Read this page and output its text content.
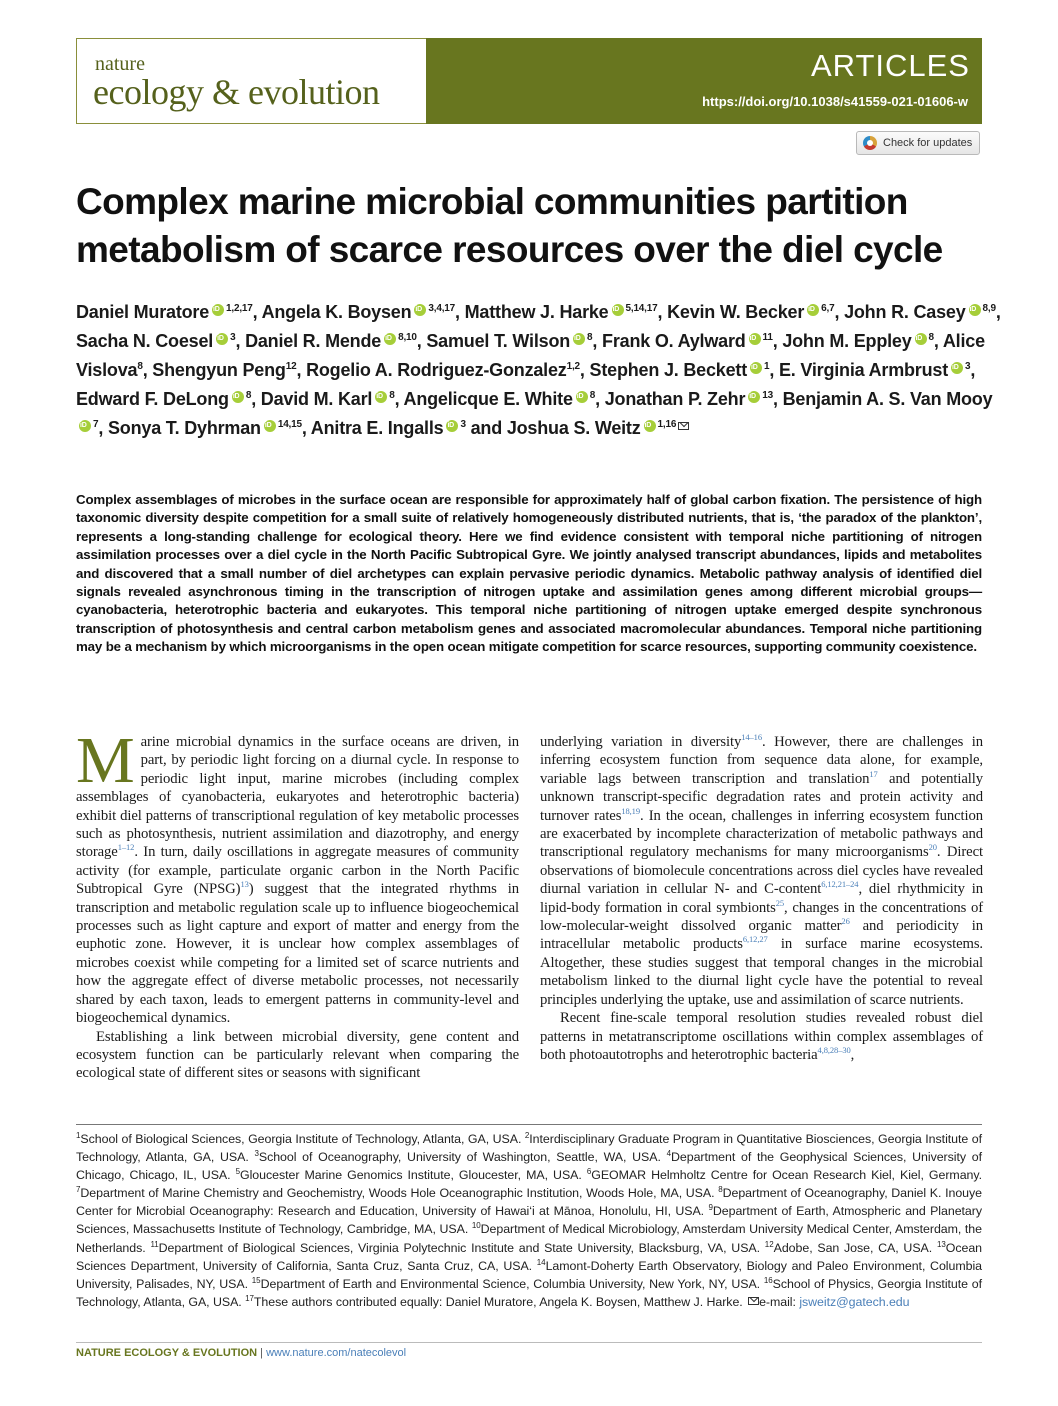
nature
ecology & evolution
ARTICLES
https://doi.org/10.1038/s41559-021-01606-w
Check for updates
Complex marine microbial communities partition metabolism of scarce resources over the diel cycle
Daniel Muratore iD $^{1,2,17}$, Angela K. Boysen iD $^{3,4,17}$, Matthew J. Harke iD $^{5,14,17}$, Kevin W. Becker iD $^{6,7}$, John R. Casey iD $^{8,9}$, Sacha N. Coesel iD $^3$, Daniel R. Mende iD $^{8,10}$, Samuel T. Wilson iD $^8$, Frank O. Aylward iD $^{11}$, John M. Eppley iD $^8$, Alice Vislova$^8$, Shengyun Peng$^{12}$, Rogelio A. Rodriguez-Gonzalez$^{1,2}$, Stephen J. Beckett iD $^1$, E. Virginia Armbrust iD $^3$, Edward F. DeLong iD $^8$, David M. Karl iD $^8$, Angelicque E. WhiteiD $^8$, Jonathan P. Zehr iD $^{13}$, Benjamin A. S. Van MooyiD$^7$, Sonya T. Dyhrman iD $^{14,15}$, Anitra E. Ingalls iD $^3$ and Joshua S. Weitz iD $^{1,16}$
Complex assemblages of microbes in the surface ocean are responsible for approximately half of global carbon fixation. The persistence of high taxonomic diversity despite competition for a small suite of relatively homogeneously distributed nutrients, that is, ‘the paradox of the plankton’, represents a long-standing challenge for ecological theory. Here we find evidence consistent with temporal niche partitioning of nitrogen assimilation processes over a diel cycle in the North Pacific Subtropical Gyre. We jointly analysed transcript abundances, lipids and metabolites and discovered that a small number of diel archetypes can explain pervasive periodic dynamics. Metabolic pathway analysis of identified diel signals revealed asynchronous timing in the transcription of nitrogen uptake and assimilation genes among different microbial groups—cyanobacteria, heterotrophic bacteria and eukaryotes. This temporal niche partitioning of nitrogen uptake emerged despite synchronous transcription of photosynthesis and central carbon metabolism genes and associated macromolecular abundances. Temporal niche partitioning may be a mechanism by which microorganisms in the open ocean mitigate competition for scarce resources, supporting community coexistence.

Marine microbial dynamics in the surface oceans are driven, in part, by periodic light forcing on a diurnal cycle. In response to periodic light input, marine microbes (including complex assemblages of cyanobacteria, eukaryotes and heterotrophic bacteria) exhibit diel patterns of transcriptional regulation of key metabolic processes such as photosynthesis, nutrient assimilation and diazotrophy, and energy storage$^{1-12}$. In turn, daily oscillations in aggregate measures of community activity (for example, particulate organic carbon in the North Pacific Subtropical Gyre (NPSG)$^{13}$) suggest that the integrated rhythms in transcription and metabolic regulation scale up to influence biogeochemical processes such as light capture and export of matter and energy from the euphotic zone. However, it is unclear how complex assemblages of microbes coexist while competing for a limited set of scarce nutrients and how the aggregate effect of diverse metabolic processes, not necessarily shared by each taxon, leads to emergent patterns in community-level and biogeochemical dynamics.

Establishing a link between microbial diversity, gene content and ecosystem function can be particularly relevant when comparing the ecological state of different sites or seasons with significant

underlying variation in diversity$^{14-16}$. However, there are challenges in inferring ecosystem function from sequence data alone, for example, variable lags between transcription and translation$^{17}$ and potentially unknown transcript-specific degradation rates and protein activity and turnover rates$^{18,19}$. In the ocean, challenges in inferring ecosystem function are exacerbated by incomplete characterization of metabolic pathways and transcriptional regulatory mechanisms for many microorganisms$^{20}$. Direct observations of biomolecule concentrations across diel cycles have revealed diurnal variation in cellular N- and C-content$^{6,12,21-24}$, diel rhythmicity in lipid-body formation in coral symbionts$^{25}$, changes in the concentrations of low-molecular-weight dissolved organic matter$^{26}$ and periodicity in intracellular metabolic products$^{6,12,27}$ in surface marine ecosystems. Altogether, these studies suggest that temporal changes in the microbial metabolism linked to the diurnal light cycle have the potential to reveal principles underlying the uptake, use and assimilation of scarce nutrients.

Recent fine-scale temporal resolution studies revealed robust diel patterns in metatranscriptome oscillations within complex assemblages of both photoautotrophs and heterotrophic bacteria$^{4,8,28-30}$,

$^1$School of Biological Sciences, Georgia Institute of Technology, Atlanta, GA, USA. $^2$Interdisciplinary Graduate Program in Quantitative Biosciences, Georgia Institute of Technology, Atlanta, GA, USA. $^3$School of Oceanography, University of Washington, Seattle, WA, USA. $^4$Department of the Geophysical Sciences, University of Chicago, Chicago, IL, USA. $^5$Gloucester Marine Genomics Institute, Gloucester, MA, USA. $^6$GEOMAR Helmholtz Centre for Ocean Research Kiel, Kiel, Germany. $^7$Department of Marine Chemistry and Geochemistry, Woods Hole Oceanographic Institution, Woods Hole, MA, USA. $^8$Department of Oceanography, Daniel K. Inouye Center for Microbial Oceanography: Research and Education, University of Hawai‘i at Mānoa, Honolulu, HI, USA. $^9$Department of Earth, Atmospheric and Planetary Sciences, Massachusetts Institute of Technology, Cambridge, MA, USA. $^{10}$Department of Medical Microbiology, Amsterdam University Medical Center, Amsterdam, the Netherlands. $^{11}$Department of Biological Sciences, Virginia Polytechnic Institute and State University, Blacksburg, VA, USA. $^{12}$Adobe, San Jose, CA, USA. $^{13}$Ocean Sciences Department, University of California, Santa Cruz, Santa Cruz, CA, USA. $^{14}$Lamont-Doherty Earth Observatory, Biology and Paleo Environment, Columbia University, Palisades, NY, USA. $^{15}$Department of Earth and Environmental Science, Columbia University, New York, NY, USA. $^{16}$School of Physics, Georgia Institute of Technology, Atlanta, GA, USA. $^{17}$These authors contributed equally: Daniel Muratore, Angela K. Boysen, Matthew J. Harke. e-mail: jsweitz@gatech.edu
NATURE ECOLOGY & EVOLUTION | www.nature.com/natecolevol
